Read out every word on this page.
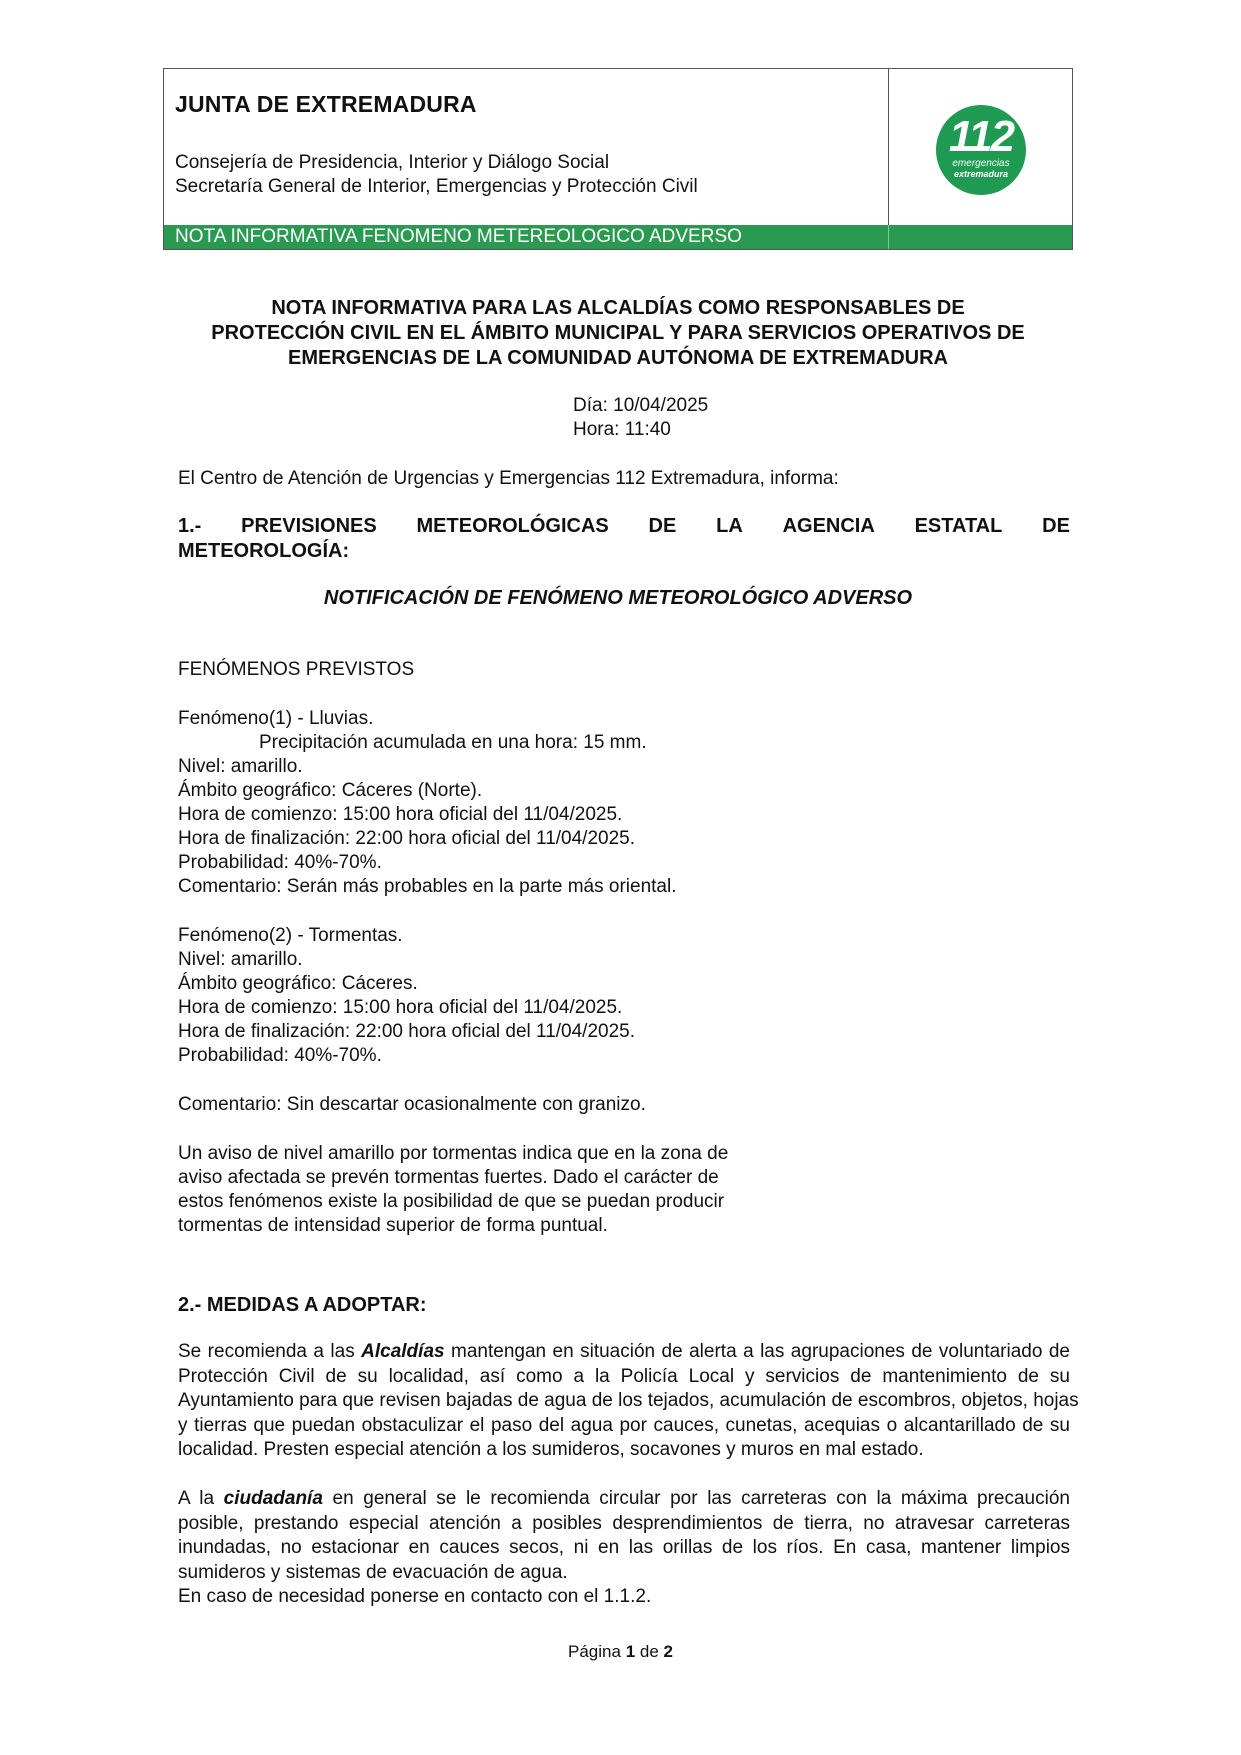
JUNTA DE EXTREMADURA
Consejería de Presidencia, Interior y Diálogo Social
Secretaría General de Interior, Emergencias y Protección Civil
112
emergencias
extremadura
NOTA INFORMATIVA FENOMENO METEREOLOGICO ADVERSO
NOTA INFORMATIVA PARA LAS ALCALDÍAS COMO RESPONSABLES DE
PROTECCIÓN CIVIL EN EL ÁMBITO MUNICIPAL Y PARA SERVICIOS OPERATIVOS DE
EMERGENCIAS DE LA COMUNIDAD AUTÓNOMA DE EXTREMADURA
Día: 10/04/2025
Hora: 11:40
El Centro de Atención de Urgencias y Emergencias 112 Extremadura, informa:
1.- PREVISIONES METEOROLÓGICAS DE LA AGENCIA ESTATAL DE
METEOROLOGÍA:
NOTIFICACIÓN DE FENÓMENO METEOROLÓGICO ADVERSO
FENÓMENOS PREVISTOS
Fenómeno(1) - Lluvias.
Precipitación acumulada en una hora: 15 mm.
Nivel: amarillo.
Ámbito geográfico: Cáceres (Norte).
Hora de comienzo: 15:00 hora oficial del 11/04/2025.
Hora de finalización: 22:00 hora oficial del 11/04/2025.
Probabilidad: 40%-70%.
Comentario: Serán más probables en la parte más oriental.
Fenómeno(2) - Tormentas.
Nivel: amarillo.
Ámbito geográfico: Cáceres.
Hora de comienzo: 15:00 hora oficial del 11/04/2025.
Hora de finalización: 22:00 hora oficial del 11/04/2025.
Probabilidad: 40%-70%.
Comentario: Sin descartar ocasionalmente con granizo.
Un aviso de nivel amarillo por tormentas indica que en la zona de
aviso afectada se prevén tormentas fuertes. Dado el carácter de
estos fenómenos existe la posibilidad de que se puedan producir
tormentas de intensidad superior de forma puntual.
2.- MEDIDAS A ADOPTAR:
Se recomienda a las Alcaldías mantengan en situación de alerta a las agrupaciones de voluntariado de
Protección Civil de su localidad, así como a la Policía Local y servicios de mantenimiento de su
Ayuntamiento para que revisen bajadas de agua de los tejados, acumulación de escombros, objetos, hojas
y tierras que puedan obstaculizar el paso del agua por cauces, cunetas, acequias o alcantarillado de su
localidad. Presten especial atención a los sumideros, socavones y muros en mal estado.
A la ciudadanía en general se le recomienda circular por las carreteras con la máxima precaución
posible, prestando especial atención a posibles desprendimientos de tierra, no atravesar carreteras
inundadas, no estacionar en cauces secos, ni en las orillas de los ríos. En casa, mantener limpios
sumideros y sistemas de evacuación de agua.
En caso de necesidad ponerse en contacto con el 1.1.2.
Página 1 de 2
